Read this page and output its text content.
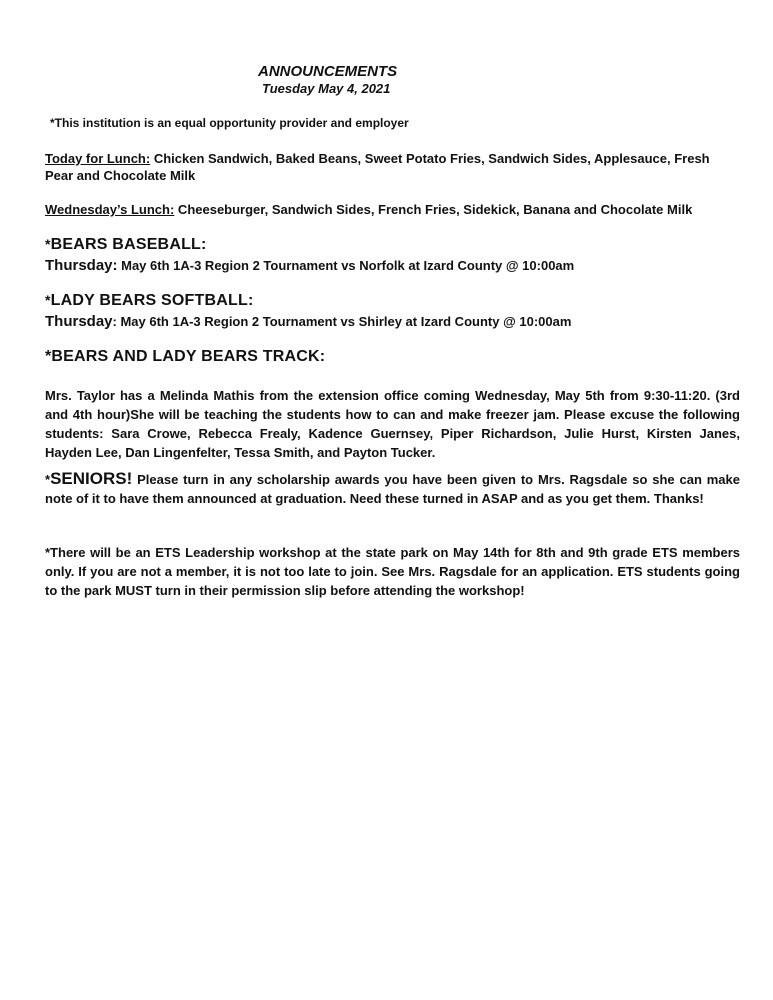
ANNOUNCEMENTS
Tuesday May 4, 2021
*This institution is an equal opportunity provider and employer
Today for Lunch: Chicken Sandwich, Baked Beans, Sweet Potato Fries, Sandwich Sides, Applesauce, Fresh Pear and Chocolate Milk
Wednesday’s Lunch: Cheeseburger, Sandwich Sides, French Fries, Sidekick, Banana and Chocolate Milk
*BEARS BASEBALL:
Thursday: May 6th 1A-3 Region 2 Tournament vs Norfolk at Izard County @ 10:00am
*LADY BEARS SOFTBALL:
Thursday: May 6th 1A-3 Region 2 Tournament vs Shirley at Izard County @ 10:00am
*BEARS AND LADY BEARS TRACK:
Mrs. Taylor has a Melinda Mathis from the extension office coming Wednesday, May 5th from 9:30-11:20. (3rd and 4th hour)She will be teaching the students how to can and make freezer jam. Please excuse the following students: Sara Crowe, Rebecca Frealy, Kadence Guernsey, Piper Richardson, Julie Hurst, Kirsten Janes, Hayden Lee, Dan Lingenfelter, Tessa Smith, and Payton Tucker.
*SENIORS! Please turn in any scholarship awards you have been given to Mrs. Ragsdale so she can make note of it to have them announced at graduation. Need these turned in ASAP and as you get them. Thanks!
*There will be an ETS Leadership workshop at the state park on May 14th for 8th and 9th grade ETS members only. If you are not a member, it is not too late to join. See Mrs. Ragsdale for an application. ETS students going to the park MUST turn in their permission slip before attending the workshop!
